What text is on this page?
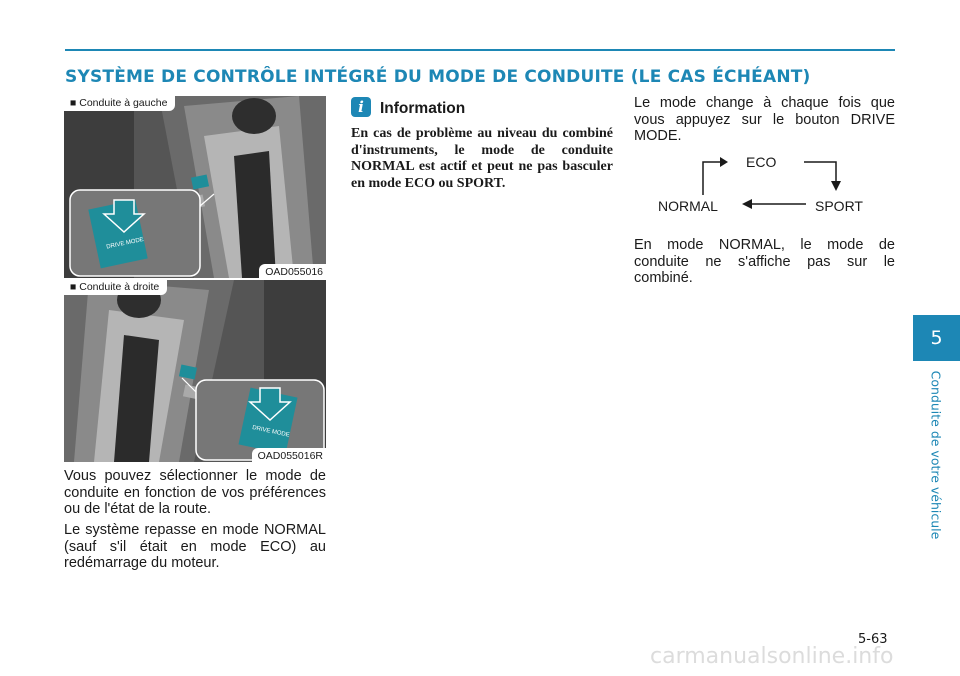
SYSTÈME DE CONTRÔLE INTÉGRÉ DU MODE DE CONDUITE (LE CAS ÉCHÉANT)
DRIVE MODE
■ Conduite à gauche
OAD055016
DRIVE MODE
■ Conduite à droite
OAD055016R

Vous pouvez sélectionner le mode de conduite en fonction de vos préférences ou de l'état de la route.

Le système repasse en mode NORMAL (sauf s'il était en mode ECO) au redémarrage du moteur.

i	Information

En cas de problème au niveau du combiné d'instruments, le mode de conduite NORMAL est actif et peut ne pas basculer en mode ECO ou SPORT.

Le mode change à chaque fois que vous appuyez sur le bouton DRIVE MODE.

ECO
SPORT
NORMAL

En mode NORMAL, le mode de conduite ne s'affiche pas sur le combiné.

5
Conduite de votre véhicule
5-63
carmanualsonline.info
